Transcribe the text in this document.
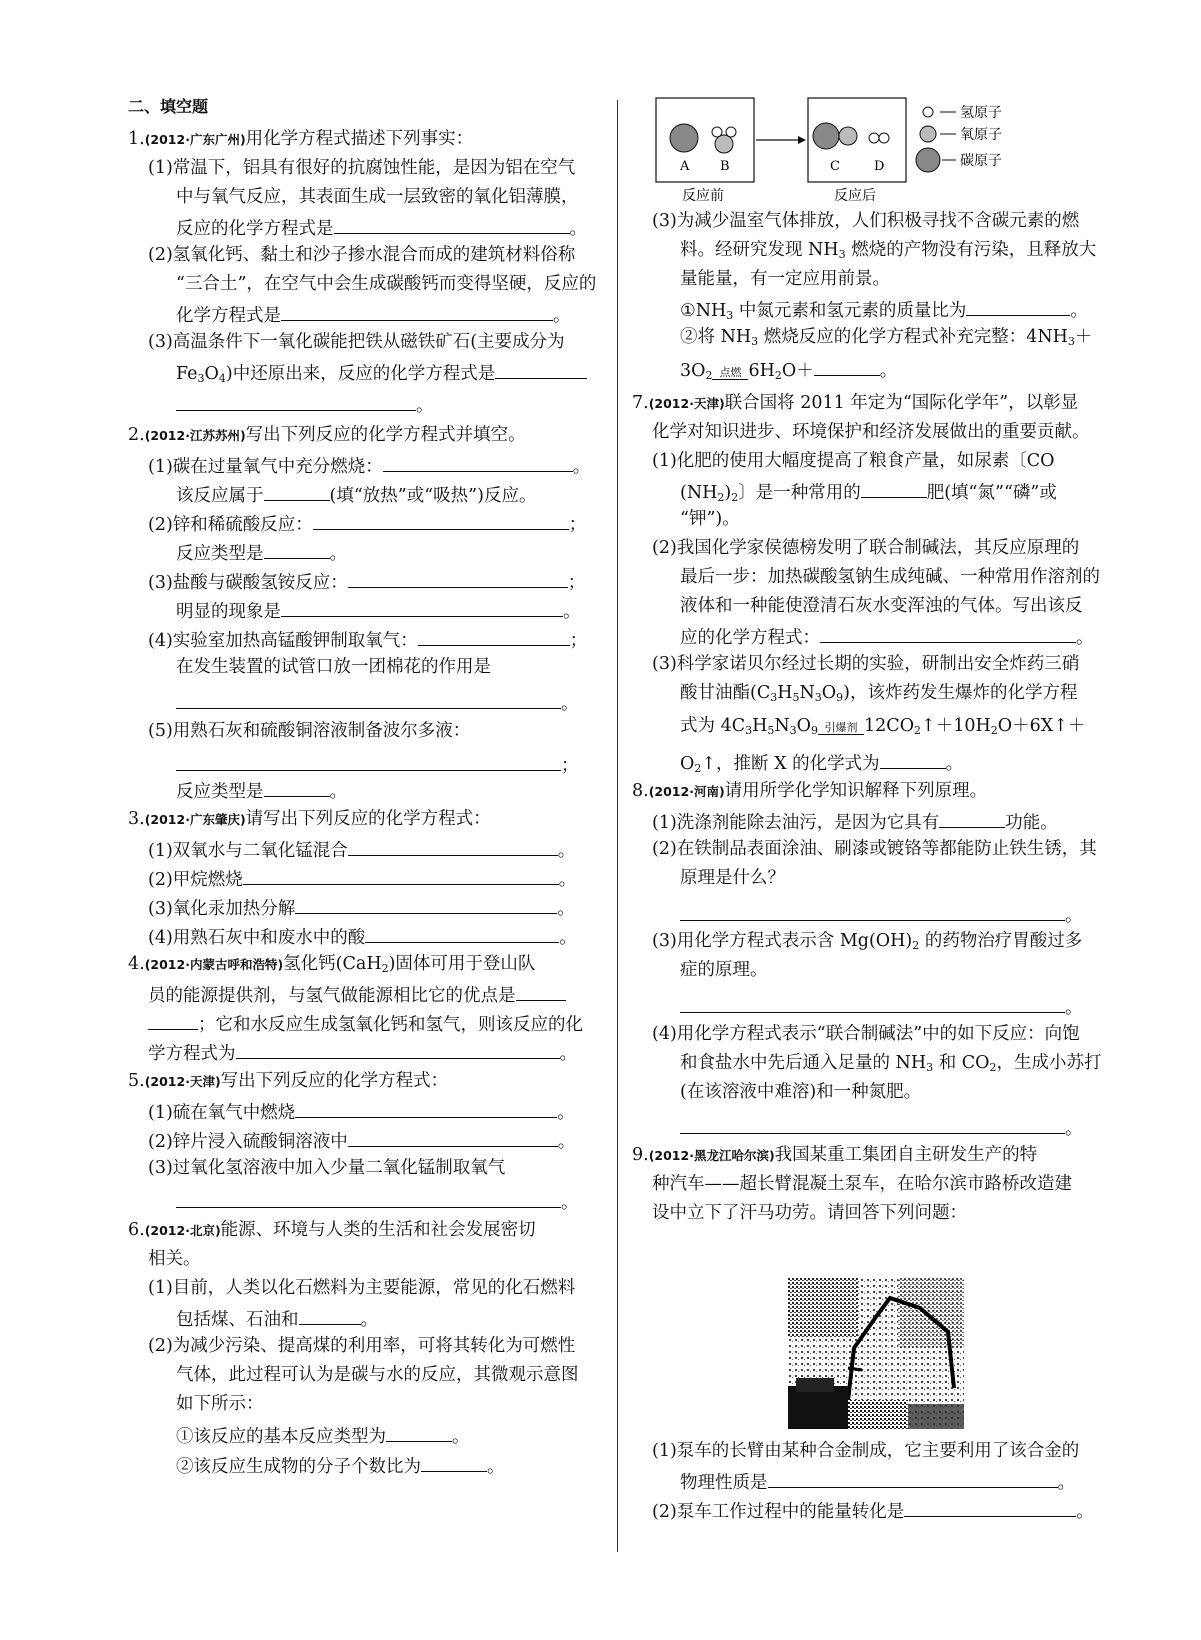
二、填空题
1.(2012·广东广州)用化学方程式描述下列事实：
(1)常温下，铝具有很好的抗腐蚀性能，是因为铝在空气
中与氧气反应，其表面生成一层致密的氧化铝薄膜，
反应的化学方程式是	。
(2)氢氧化钙、黏土和沙子掺水混合而成的建筑材料俗称
“三合土”，在空气中会生成碳酸钙而变得坚硬，反应的
化学方程式是	。
(3)高温条件下一氧化碳能把铁从磁铁矿石(主要成分为
$Fe_3O_4$)中还原出来，反应的化学方程式是
。
2.(2012·江苏苏州)写出下列反应的化学方程式并填空。
(1)碳在过量氧气中充分燃烧：	。
该反应属于	(填“放热”或“吸热”)反应。
(2)锌和稀硫酸反应：	；
反应类型是	。
(3)盐酸与碳酸氢铵反应：	；
明显的现象是	。
(4)实验室加热高锰酸钾制取氧气：	；
在发生装置的试管口放一团棉花的作用是
。
(5)用熟石灰和硫酸铜溶液制备波尔多液：
；
反应类型是	。
3.(2012·广东肇庆)请写出下列反应的化学方程式：
(1)双氧水与二氧化锰混合	。
(2)甲烷燃烧	。
(3)氧化汞加热分解	。
(4)用熟石灰中和废水中的酸	。
4.(2012·内蒙古呼和浩特)氢化钙(CaH$_2$)固体可用于登山队
员的能源提供剂，与氢气做能源相比它的优点是
；它和水反应生成氢氧化钙和氢气，则该反应的化
学方程式为	。
5.(2012·天津)写出下列反应的化学方程式：
(1)硫在氧气中燃烧	。
(2)锌片浸入硫酸铜溶液中	。
(3)过氧化氢溶液中加入少量二氧化锰制取氧气
。
6.(2012·北京)能源、环境与人类的生活和社会发展密切
相关。
(1)目前，人类以化石燃料为主要能源，常见的化石燃料
包括煤、石油和	。
(2)为减少污染、提高煤的利用率，可将其转化为可燃性
气体，此过程可认为是碳与水的反应，其微观示意图
如下所示：
①该反应的基本反应类型为	。
②该反应生成物的分子个数比为	。
A B
反应前
C	D
反应后
氢原子
氧原子
碳原子
(3)为减少温室气体排放，人们积极寻找不含碳元素的燃
料。经研究发现 $NH_3$ 燃烧的产物没有污染，且释放大
量能量，有一定应用前景。
$①NH_3$ 中氮元素和氢元素的质量比为	。
②将 $NH_3$ 燃烧反应的化学方程式补充完整：$4NH_3+$
$3O_2$ 点燃 $6H_2O+$	。
7.(2012·天津)联合国将 2011 年定为“国际化学年”，以彰显
化学对知识进步、环境保护和经济发展做出的重要贡献。
(1)化肥的使用大幅度提高了粮食产量，如尿素〔CO
$(NH_2)_2$〕是一种常用的	肥(填“氮”“磷”或
“钾”)。
(2)我国化学家侯德榜发明了联合制碱法，其反应原理的
最后一步：加热碳酸氢钠生成纯碱、一种常用作溶剂的
液体和一种能使澄清石灰水变浑浊的气体。写出该反
应的化学方程式：	。
(3)科学家诺贝尔经过长期的实验，研制出安全炸药三硝
酸甘油酯$(C_3H_5N_3O_9)$，该炸药发生爆炸的化学方程
式为 $4C_3H_5N_3O_9$ 引爆剂 $12CO_2↑+10H_2O+6X↑+$
$O_2↑$，推断 X 的化学式为	。
8.(2012·河南)请用所学化学知识解释下列原理。
(1)洗涤剂能除去油污，是因为它具有	功能。
(2)在铁制品表面涂油、刷漆或镀铬等都能防止铁生锈，其
原理是什么？
。
(3)用化学方程式表示含 $Mg(OH)_2$ 的药物治疗胃酸过多
症的原理。
。
(4)用化学方程式表示“联合制碱法”中的如下反应：向饱
和食盐水中先后通入足量的 $NH_3$ 和 $CO_2$，生成小苏打
(在该溶液中难溶)和一种氮肥。
。
9.(2012·黑龙江哈尔滨)我国某重工集团自主研发生产的特
种汽车——超长臂混凝土泵车，在哈尔滨市路桥改造建
设中立下了汗马功劳。请回答下列问题：
(1)泵车的长臂由某种合金制成，它主要利用了该合金的
物理性质是	。
(2)泵车工作过程中的能量转化是	。
